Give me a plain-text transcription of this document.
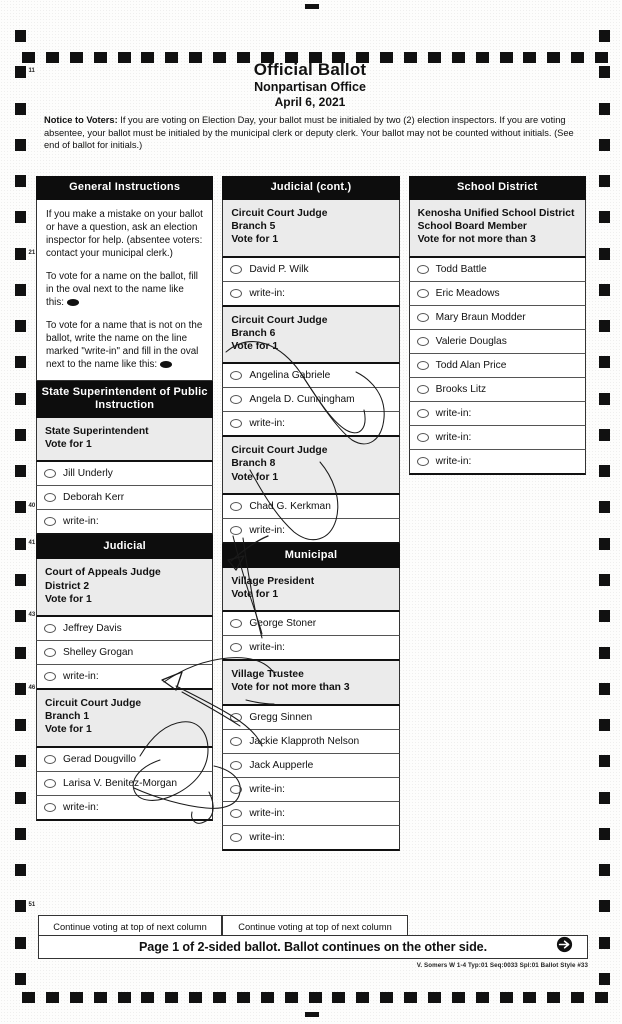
11
21
40
41
43
46
51
Official Ballot
Nonpartisan Office
April 6, 2021
Notice to Voters: If you are voting on Election Day, your ballot must be initialed by two (2) election inspectors. If you are voting absentee, your ballot must be initialed by the municipal clerk or deputy clerk. Your ballot may not be counted without initials. (See end of ballot for initials.)
General Instructions

If you make a mistake on your ballot or have a question, ask an election inspector for help. (absentee voters: contact your municipal clerk.)

To vote for a name on the ballot, fill in the oval next to the name like this:

To vote for a name that is not on the ballot, write the name on the line marked "write-in" and fill in the oval next to the name like this:

State Superintendent of Public Instruction
State Superintendent
Vote for 1
Jill Underly
Deborah Kerr
write-in:
Judicial
Court of Appeals Judge
District 2
Vote for 1
Jeffrey Davis
Shelley Grogan
write-in:
Circuit Court Judge
Branch 1
Vote for 1
Gerad Dougvillo
Larisa V. Benitez-Morgan
write-in:
Judicial (cont.)
Circuit Court Judge
Branch 5
Vote for 1
David P. Wilk
write-in:
Circuit Court Judge
Branch 6
Vote for 1
Angelina Gabriele
Angela D. Cunningham
write-in:
Circuit Court Judge
Branch 8
Vote for 1
Chad G. Kerkman
write-in:
Municipal
Village President
Vote for 1
George Stoner
write-in:
Village Trustee
Vote for not more than 3
Gregg Sinnen
Jackie Klapproth Nelson
Jack Aupperle
write-in:
write-in:
write-in:
School District
Kenosha Unified School District School Board Member
Vote for not more than 3
Todd Battle
Eric Meadows
Mary Braun Modder
Valerie Douglas
Todd Alan Price
Brooks Litz
write-in:
write-in:
write-in:
Continue voting at top of next column	Continue voting at top of next column
Page 1 of 2-sided ballot. Ballot continues on the other side.
V. Somers W 1-4 Typ:01 Seq:0033 Spl:01 Ballot Style #33
